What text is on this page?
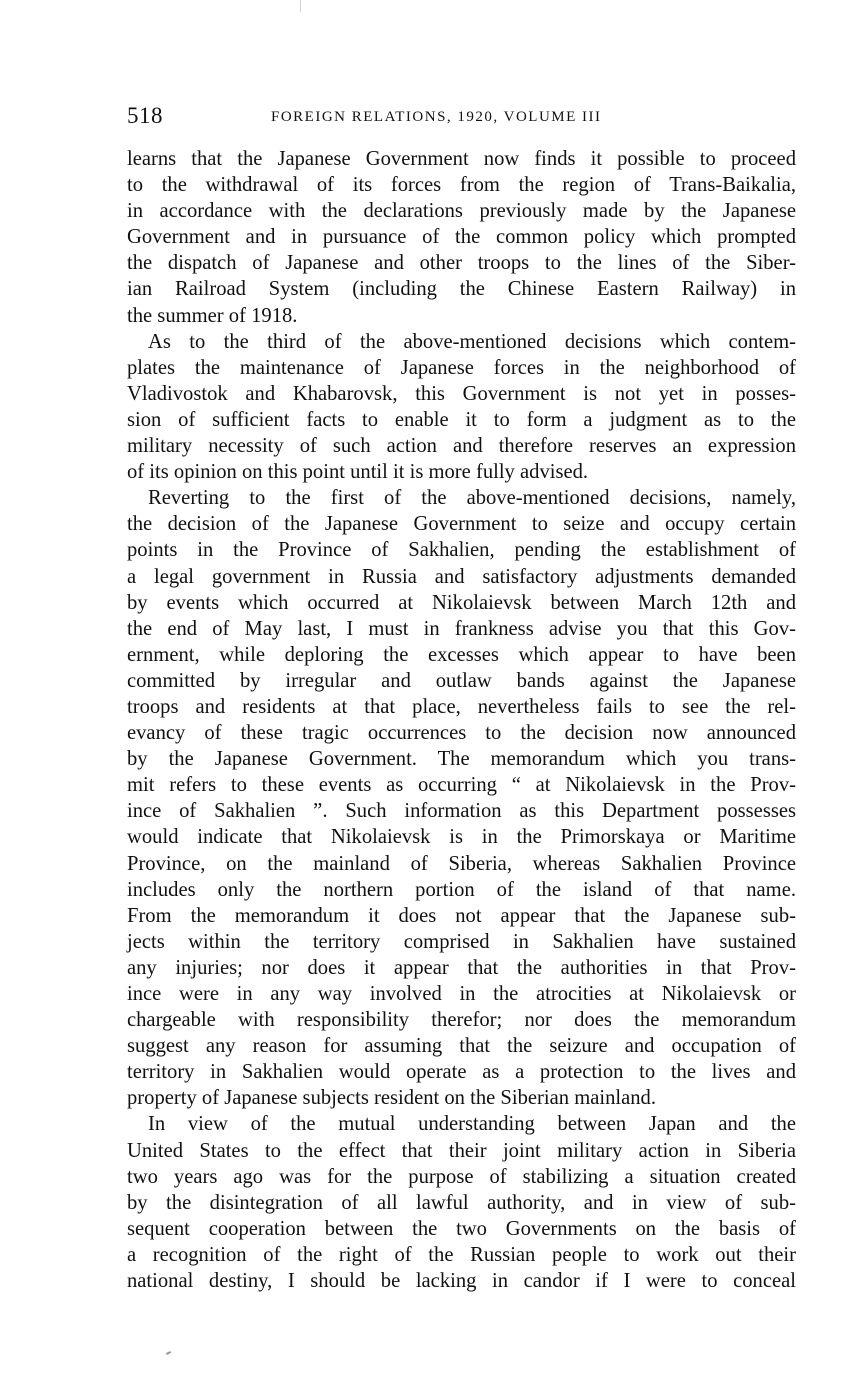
518	FOREIGN RELATIONS, 1920, VOLUME III
learns that the Japanese Government now finds it possible to proceed
to the withdrawal of its forces from the region of Trans-Baikalia,
in accordance with the declarations previously made by the Japanese
Government and in pursuance of the common policy which prompted
the dispatch of Japanese and other troops to the lines of the Siber-
ian Railroad System (including the Chinese Eastern Railway) in
the summer of 1918.
As to the third of the above-mentioned decisions which contem-
plates the maintenance of Japanese forces in the neighborhood of
Vladivostok and Khabarovsk, this Government is not yet in posses-
sion of sufficient facts to enable it to form a judgment as to the
military necessity of such action and therefore reserves an expression
of its opinion on this point until it is more fully advised.
Reverting to the first of the above-mentioned decisions, namely,
the decision of the Japanese Government to seize and occupy certain
points in the Province of Sakhalien, pending the establishment of
a legal government in Russia and satisfactory adjustments demanded
by events which occurred at Nikolaievsk between March 12th and
the end of May last, I must in frankness advise you that this Gov-
ernment, while deploring the excesses which appear to have been
committed by irregular and outlaw bands against the Japanese
troops and residents at that place, nevertheless fails to see the rel-
evancy of these tragic occurrences to the decision now announced
by the Japanese Government. The memorandum which you trans-
mit refers to these events as occurring “ at Nikolaievsk in the Prov-
ince of Sakhalien ”. Such information as this Department possesses
would indicate that Nikolaievsk is in the Primorskaya or Maritime
Province, on the mainland of Siberia, whereas Sakhalien Province
includes only the northern portion of the island of that name.
From the memorandum it does not appear that the Japanese sub-
jects within the territory comprised in Sakhalien have sustained
any injuries; nor does it appear that the authorities in that Prov-
ince were in any way involved in the atrocities at Nikolaievsk or
chargeable with responsibility therefor; nor does the memorandum
suggest any reason for assuming that the seizure and occupation of
territory in Sakhalien would operate as a protection to the lives and
property of Japanese subjects resident on the Siberian mainland.
In view of the mutual understanding between Japan and the
United States to the effect that their joint military action in Siberia
two years ago was for the purpose of stabilizing a situation created
by the disintegration of all lawful authority, and in view of sub-
sequent cooperation between the two Governments on the basis of
a recognition of the right of the Russian people to work out their
national destiny, I should be lacking in candor if I were to conceal
